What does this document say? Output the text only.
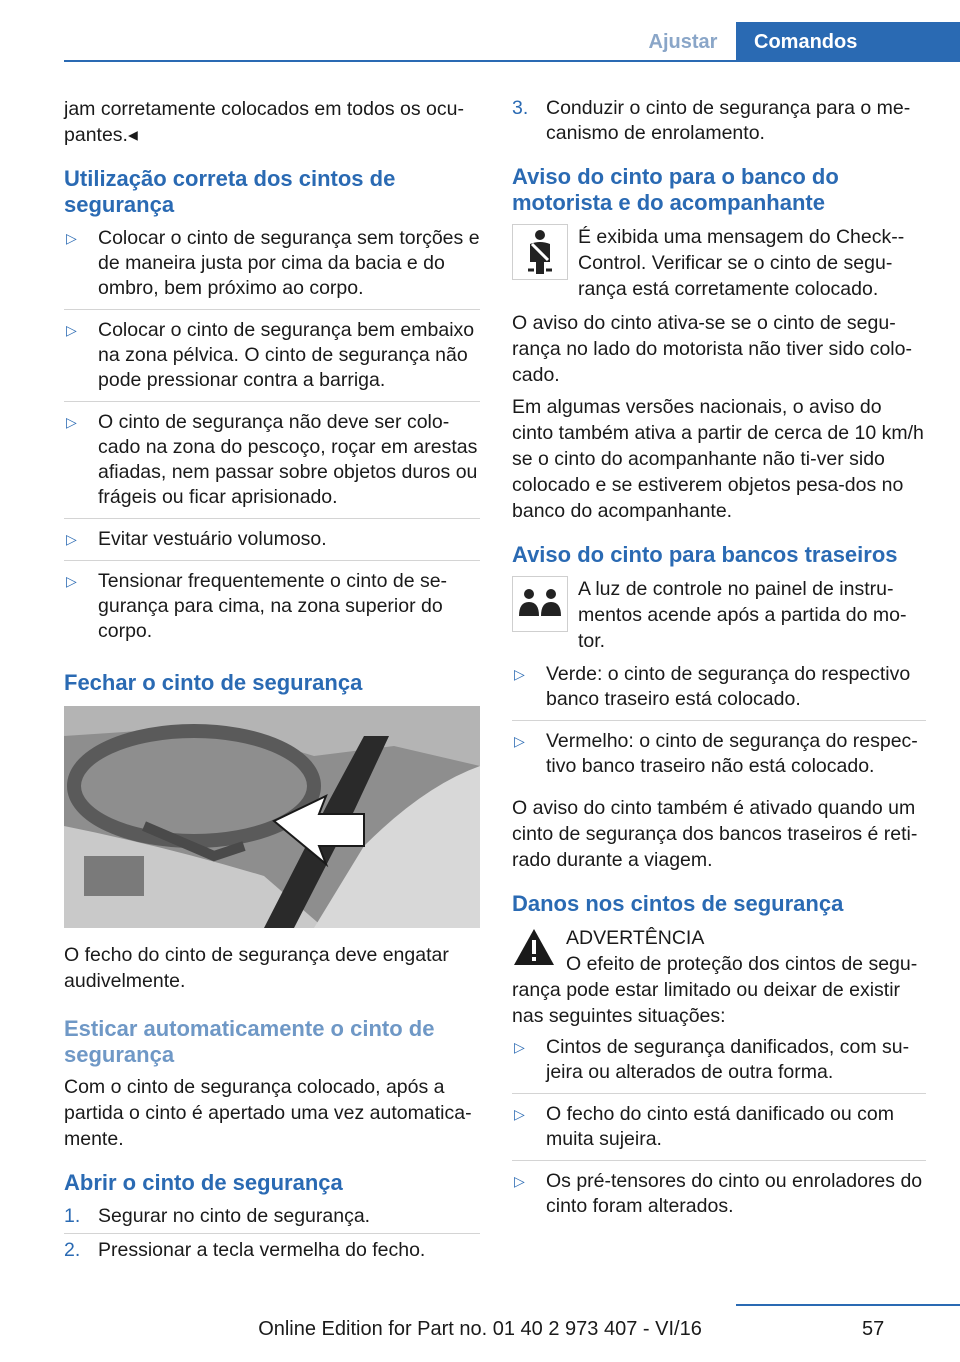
Ajustar	Comandos

jam corretamente colocados em todos os ocu‐pantes.◂

Utilização correta dos cintos de segurança
▷ Colocar o cinto de segurança sem torções e de maneira justa por cima da bacia e do ombro, bem próximo ao corpo.
▷ Colocar o cinto de segurança bem embaixo na zona pélvica. O cinto de segurança não pode pressionar contra a barriga.
▷ O cinto de segurança não deve ser colo‐cado na zona do pescoço, roçar em arestas afiadas, nem passar sobre objetos duros ou frágeis ou ficar aprisionado.
▷ Evitar vestuário volumoso.
▷ Tensionar frequentemente o cinto de se‐gurança para cima, na zona superior do corpo.
Fechar o cinto de segurança

O fecho do cinto de segurança deve engatar audivelmente.

Esticar automaticamente o cinto de segurança

Com o cinto de segurança colocado, após a partida o cinto é apertado uma vez automatica‐mente.

Abrir o cinto de segurança
1. Segurar no cinto de segurança.
2. Pressionar a tecla vermelha do fecho.
3. Conduzir o cinto de segurança para o me‐canismo de enrolamento.
Aviso do cinto para o banco do motorista e do acompanhante

É exibida uma mensagem do Check‐-Control. Verificar se o cinto de segu‐rança está corretamente colocado.

O aviso do cinto ativa-se se o cinto de segu‐rança no lado do motorista não tiver sido colo‐cado.

Em algumas versões nacionais, o aviso do cinto também ativa a partir de cerca de 10 km/h se o cinto do acompanhante não ti‐ver sido colocado e se estiverem objetos pesa‐dos no banco do acompanhante.

Aviso do cinto para bancos traseiros

A luz de controle no painel de instru‐mentos acende após a partida do mo‐tor.

▷ Verde: o cinto de segurança do respectivo banco traseiro está colocado.
▷ Vermelho: o cinto de segurança do respec‐tivo banco traseiro não está colocado.

O aviso do cinto também é ativado quando um cinto de segurança dos bancos traseiros é reti‐rado durante a viagem.

Danos nos cintos de segurança
ADVERTÊNCIA
O efeito de proteção dos cintos de segu‐

rança pode estar limitado ou deixar de existir nas seguintes situações:

▷ Cintos de segurança danificados, com su‐jeira ou alterados de outra forma.
▷ O fecho do cinto está danificado ou com muita sujeira.
▷ Os pré-tensores do cinto ou enroladores do cinto foram alterados.
Online Edition for Part no. 01 40 2 973 407 - VI/16	57
